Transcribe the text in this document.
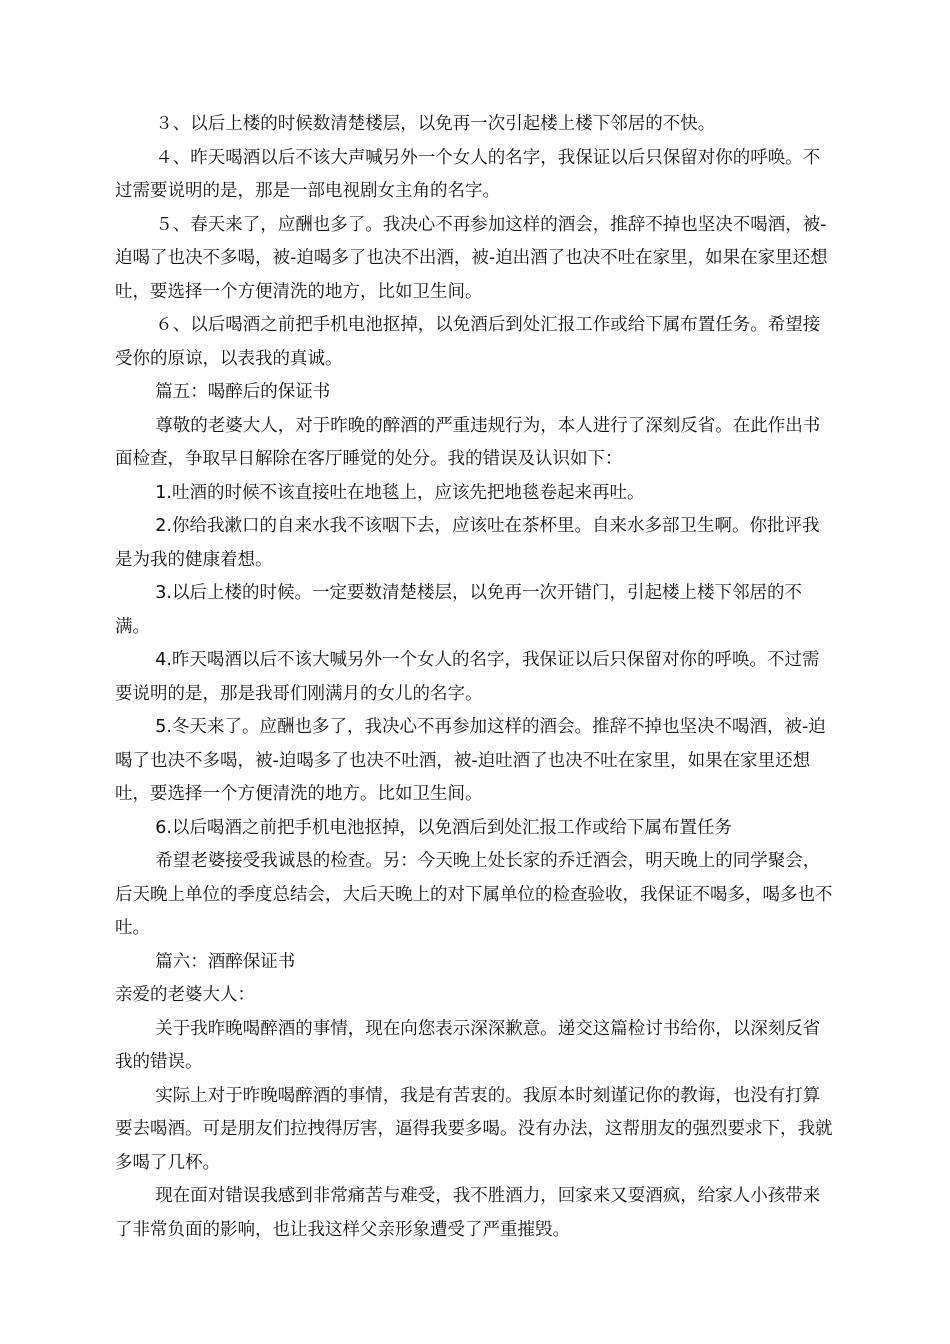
３、以后上楼的时候数清楚楼层，以免再一次引起楼上楼下邻居的不快。

４、昨天喝酒以后不该大声喊另外一个女人的名字，我保证以后只保留对你的呼唤。不过需要说明的是，那是一部电视剧女主角的名字。

５、春天来了，应酬也多了。我决心不再参加这样的酒会，推辞不掉也坚决不喝酒，被-迫喝了也决不多喝，被-迫喝多了也决不出酒，被-迫出酒了也决不吐在家里，如果在家里还想吐，要选择一个方便清洗的地方，比如卫生间。

６、以后喝酒之前把手机电池抠掉，以免酒后到处汇报工作或给下属布置任务。希望接受你的原谅，以表我的真诚。

篇五：喝醉后的保证书

尊敬的老婆大人，对于昨晚的醉酒的严重违规行为，本人进行了深刻反省。在此作出书面检查，争取早日解除在客厅睡觉的处分。我的错误及认识如下：

1.吐酒的时候不该直接吐在地毯上，应该先把地毯卷起来再吐。

2.你给我漱口的自来水我不该咽下去，应该吐在茶杯里。自来水多部卫生啊。你批评我是为我的健康着想。

3.以后上楼的时候。一定要数清楚楼层，以免再一次开错门，引起楼上楼下邻居的不满。

4.昨天喝酒以后不该大喊另外一个女人的名字，我保证以后只保留对你的呼唤。不过需要说明的是，那是我哥们刚满月的女儿的名字。

5.冬天来了。应酬也多了，我决心不再参加这样的酒会。推辞不掉也坚决不喝酒，被-迫喝了也决不多喝，被-迫喝多了也决不吐酒，被-迫吐酒了也决不吐在家里，如果在家里还想吐，要选择一个方便清洗的地方。比如卫生间。

6.以后喝酒之前把手机电池抠掉，以免酒后到处汇报工作或给下属布置任务

希望老婆接受我诚恳的检查。另：今天晚上处长家的乔迁酒会，明天晚上的同学聚会，后天晚上单位的季度总结会，大后天晚上的对下属单位的检查验收，我保证不喝多，喝多也不吐。

篇六：酒醉保证书

亲爱的老婆大人：

关于我昨晚喝醉酒的事情，现在向您表示深深歉意。递交这篇检讨书给你，以深刻反省我的错误。

实际上对于昨晚喝醉酒的事情，我是有苦衷的。我原本时刻谨记你的教诲，也没有打算要去喝酒。可是朋友们拉拽得厉害，逼得我要多喝。没有办法，这帮朋友的强烈要求下，我就多喝了几杯。

现在面对错误我感到非常痛苦与难受，我不胜酒力，回家来又耍酒疯，给家人小孩带来了非常负面的影响，也让我这样父亲形象遭受了严重摧毁。
